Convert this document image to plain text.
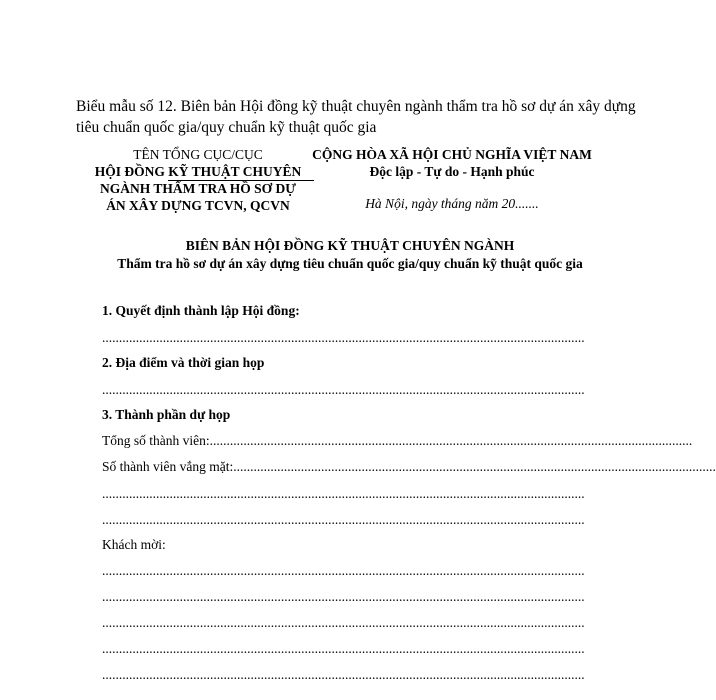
Biểu mẫu số 12. Biên bản Hội đồng kỹ thuật chuyên ngành thẩm tra hồ sơ dự án xây dựng tiêu chuẩn quốc gia/quy chuẩn kỹ thuật quốc gia
TÊN TỔNG CỤC/CỤC
HỘI ĐỒNG KỸ THUẬT CHUYÊN
NGÀNH THẨM TRA HỒ SƠ DỰ
ÁN XÂY DỰNG TCVN, QCVN
CỘNG HÒA XÃ HỘI CHỦ NGHĨA VIỆT NAM
Độc lập - Tự do - Hạnh phúc
Hà Nội, ngày tháng năm 20.......
BIÊN BẢN HỘI ĐỒNG KỸ THUẬT CHUYÊN NGÀNH
Thẩm tra hồ sơ dự án xây dựng tiêu chuẩn quốc gia/quy chuẩn kỹ thuật quốc gia
1. Quyết định thành lập Hội đồng:
...............................................................................................................................................
2. Địa điểm và thời gian họp
...............................................................................................................................................
3. Thành phần dự họp
Tổng số thành viên:...............................................................................................................................................
Số thành viên vắng mặt:...............................................................................................................................................
...............................................................................................................................................
...............................................................................................................................................
Khách mời:
...............................................................................................................................................
...............................................................................................................................................
...............................................................................................................................................
...............................................................................................................................................
...............................................................................................................................................
